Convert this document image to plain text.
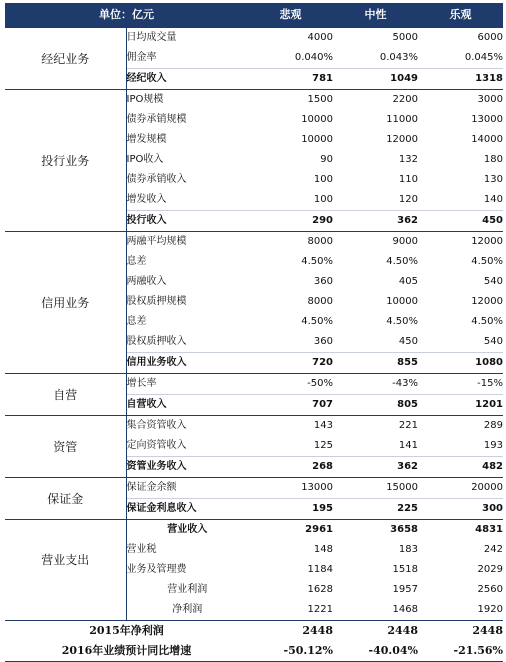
单位：亿元		悲观	中性	乐观
经纪业务	日均成交量	4000	5000	6000
	佣金率	0.040%	0.043%	0.045%
	经纪收入	781	1049	1318
投行业务	IPO规模	1500	2200	3000
	债券承销规模	10000	11000	13000
	增发规模	10000	12000	14000
	IPO收入	90	132	180
	债券承销收入	100	110	130
	增发收入	100	120	140
	投行收入	290	362	450
信用业务	两融平均规模	8000	9000	12000
	息差	4.50%	4.50%	4.50%
	两融收入	360	405	540
	股权质押规模	8000	10000	12000
	息差	4.50%	4.50%	4.50%
	股权质押收入	360	450	540
	信用业务收入	720	855	1080
自营	增长率	-50%	-43%	-15%
	自营收入	707	805	1201
资管	集合资管收入	143	221	289
	定向资管收入	125	141	193
	资管业务收入	268	362	482
保证金	保证金余额	13000	15000	20000
	保证金利息收入	195	225	300
	营业收入	2961	3658	4831
营业支出	营业税	148	183	242
	业务及管理费	1184	1518	2029
	营业利润	1628	1957	2560
	净利润	1221	1468	1920
2015年净利润		2448	2448	2448
2016年业绩预计同比增速		-50.12%	-40.04%	-21.56%
